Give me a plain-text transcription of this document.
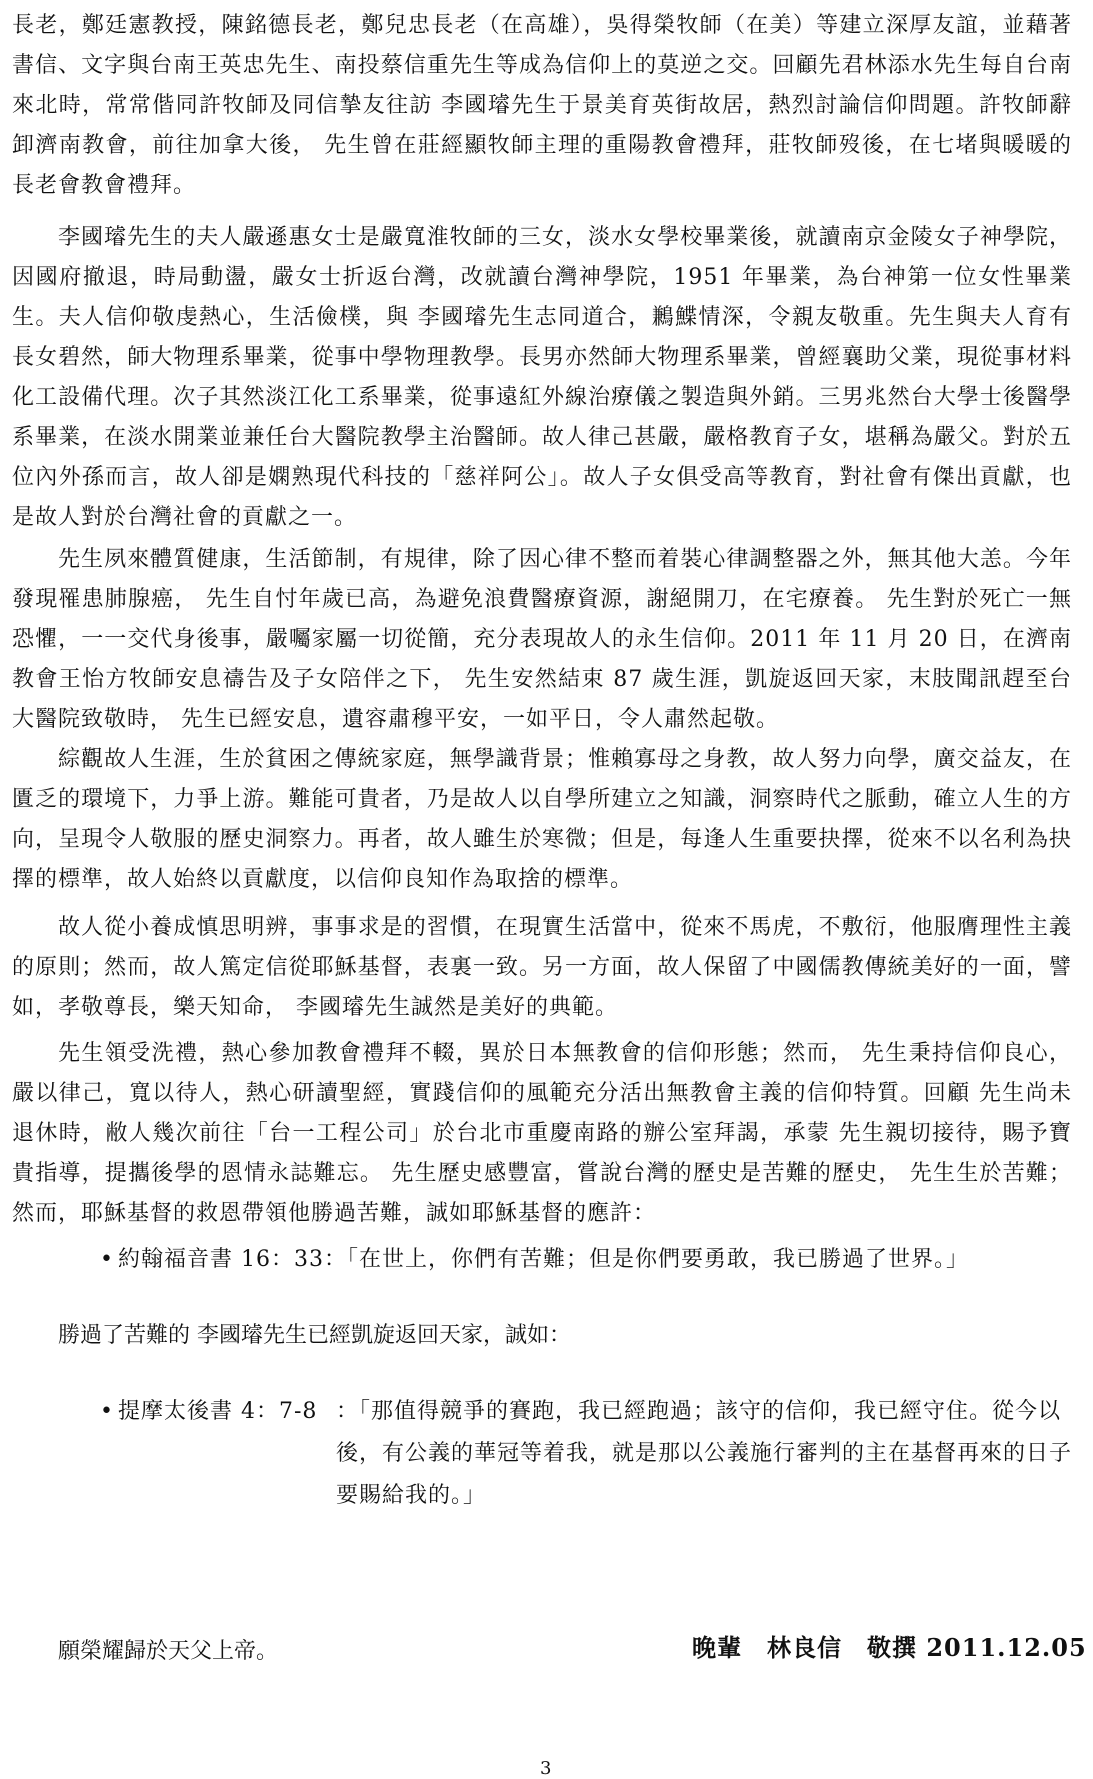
長老，鄭廷憲教授，陳銘德長老，鄭兒忠長老（在高雄），吳得榮牧師（在美）等建立深厚友誼，並藉著書信、文字與台南王英忠先生、南投蔡信重先生等成為信仰上的莫逆之交。回顧先君林添水先生每自台南來北時，常常偕同許牧師及同信摯友往訪 李國璿先生于景美育英街故居，熱烈討論信仰問題。許牧師辭卸濟南教會，前往加拿大後， 先生曾在莊經顯牧師主理的重陽教會禮拜，莊牧師歿後，在七堵與暖暖的長老會教會禮拜。

李國璿先生的夫人嚴遜惠女士是嚴寬淮牧師的三女，淡水女學校畢業後，就讀南京金陵女子神學院，因國府撤退，時局動盪，嚴女士折返台灣，改就讀台灣神學院，1951 年畢業，為台神第一位女性畢業生。夫人信仰敬虔熱心，生活儉樸，與 李國璿先生志同道合，鶼鰈情深，令親友敬重。先生與夫人育有長女碧然，師大物理系畢業，從事中學物理教學。長男亦然師大物理系畢業，曾經襄助父業，現從事材料化工設備代理。次子其然淡江化工系畢業，從事遠紅外線治療儀之製造與外銷。三男兆然台大學士後醫學系畢業，在淡水開業並兼任台大醫院教學主治醫師。故人律己甚嚴，嚴格教育子女，堪稱為嚴父。對於五位內外孫而言，故人卻是嫻熟現代科技的「慈祥阿公」。故人子女俱受高等教育，對社會有傑出貢獻，也是故人對於台灣社會的貢獻之一。

先生夙來體質健康，生活節制，有規律，除了因心律不整而着裝心律調整器之外，無其他大恙。今年發現罹患肺腺癌， 先生自忖年歲已高，為避免浪費醫療資源，謝絕開刀，在宅療養。 先生對於死亡一無恐懼，一一交代身後事，嚴囑家屬一切從簡，充分表現故人的永生信仰。2011 年 11 月 20 日，在濟南教會王怡方牧師安息禱告及子女陪伴之下， 先生安然結束 87 歲生涯，凱旋返回天家，末肢聞訊趕至台大醫院致敬時， 先生已經安息，遺容肅穆平安，一如平日，令人肅然起敬。

綜觀故人生涯，生於貧困之傳統家庭，無學識背景；惟賴寡母之身教，故人努力向學，廣交益友，在匱乏的環境下，力爭上游。難能可貴者，乃是故人以自學所建立之知識，洞察時代之脈動，確立人生的方向，呈現令人敬服的歷史洞察力。再者，故人雖生於寒微；但是，每逢人生重要抉擇，從來不以名利為抉擇的標準，故人始終以貢獻度，以信仰良知作為取捨的標準。

故人從小養成慎思明辨，事事求是的習慣，在現實生活當中，從來不馬虎，不敷衍，他服膺理性主義的原則；然而，故人篤定信從耶穌基督，表裏一致。另一方面，故人保留了中國儒教傳統美好的一面，譬如，孝敬尊長，樂天知命， 李國璿先生誠然是美好的典範。

先生領受洗禮，熱心參加教會禮拜不輟，異於日本無教會的信仰形態；然而， 先生秉持信仰良心，嚴以律己，寬以待人，熱心研讀聖經，實踐信仰的風範充分活出無教會主義的信仰特質。回顧 先生尚未退休時，敝人幾次前往「台一工程公司」於台北市重慶南路的辦公室拜謁，承蒙 先生親切接待，賜予寶貴指導，提攜後學的恩情永誌難忘。 先生歷史感豐富，嘗說台灣的歷史是苦難的歷史， 先生生於苦難；然而，耶穌基督的救恩帶領他勝過苦難，誠如耶穌基督的應許：

• 約翰福音書 16：33：「在世上，你們有苦難；但是你們要勇敢，我已勝過了世界。」
勝過了苦難的 李國璿先生已經凱旋返回天家，誠如：
• 提摩太後書 4：7-8 ：「那值得競爭的賽跑，我已經跑過；該守的信仰，我已經守住。從今以後，有公義的華冠等着我，就是那以公義施行審判的主在基督再來的日子要賜給我的。」

願榮耀歸於天父上帝。	晚輩　林良信　敬撰 2011.12.05
3
